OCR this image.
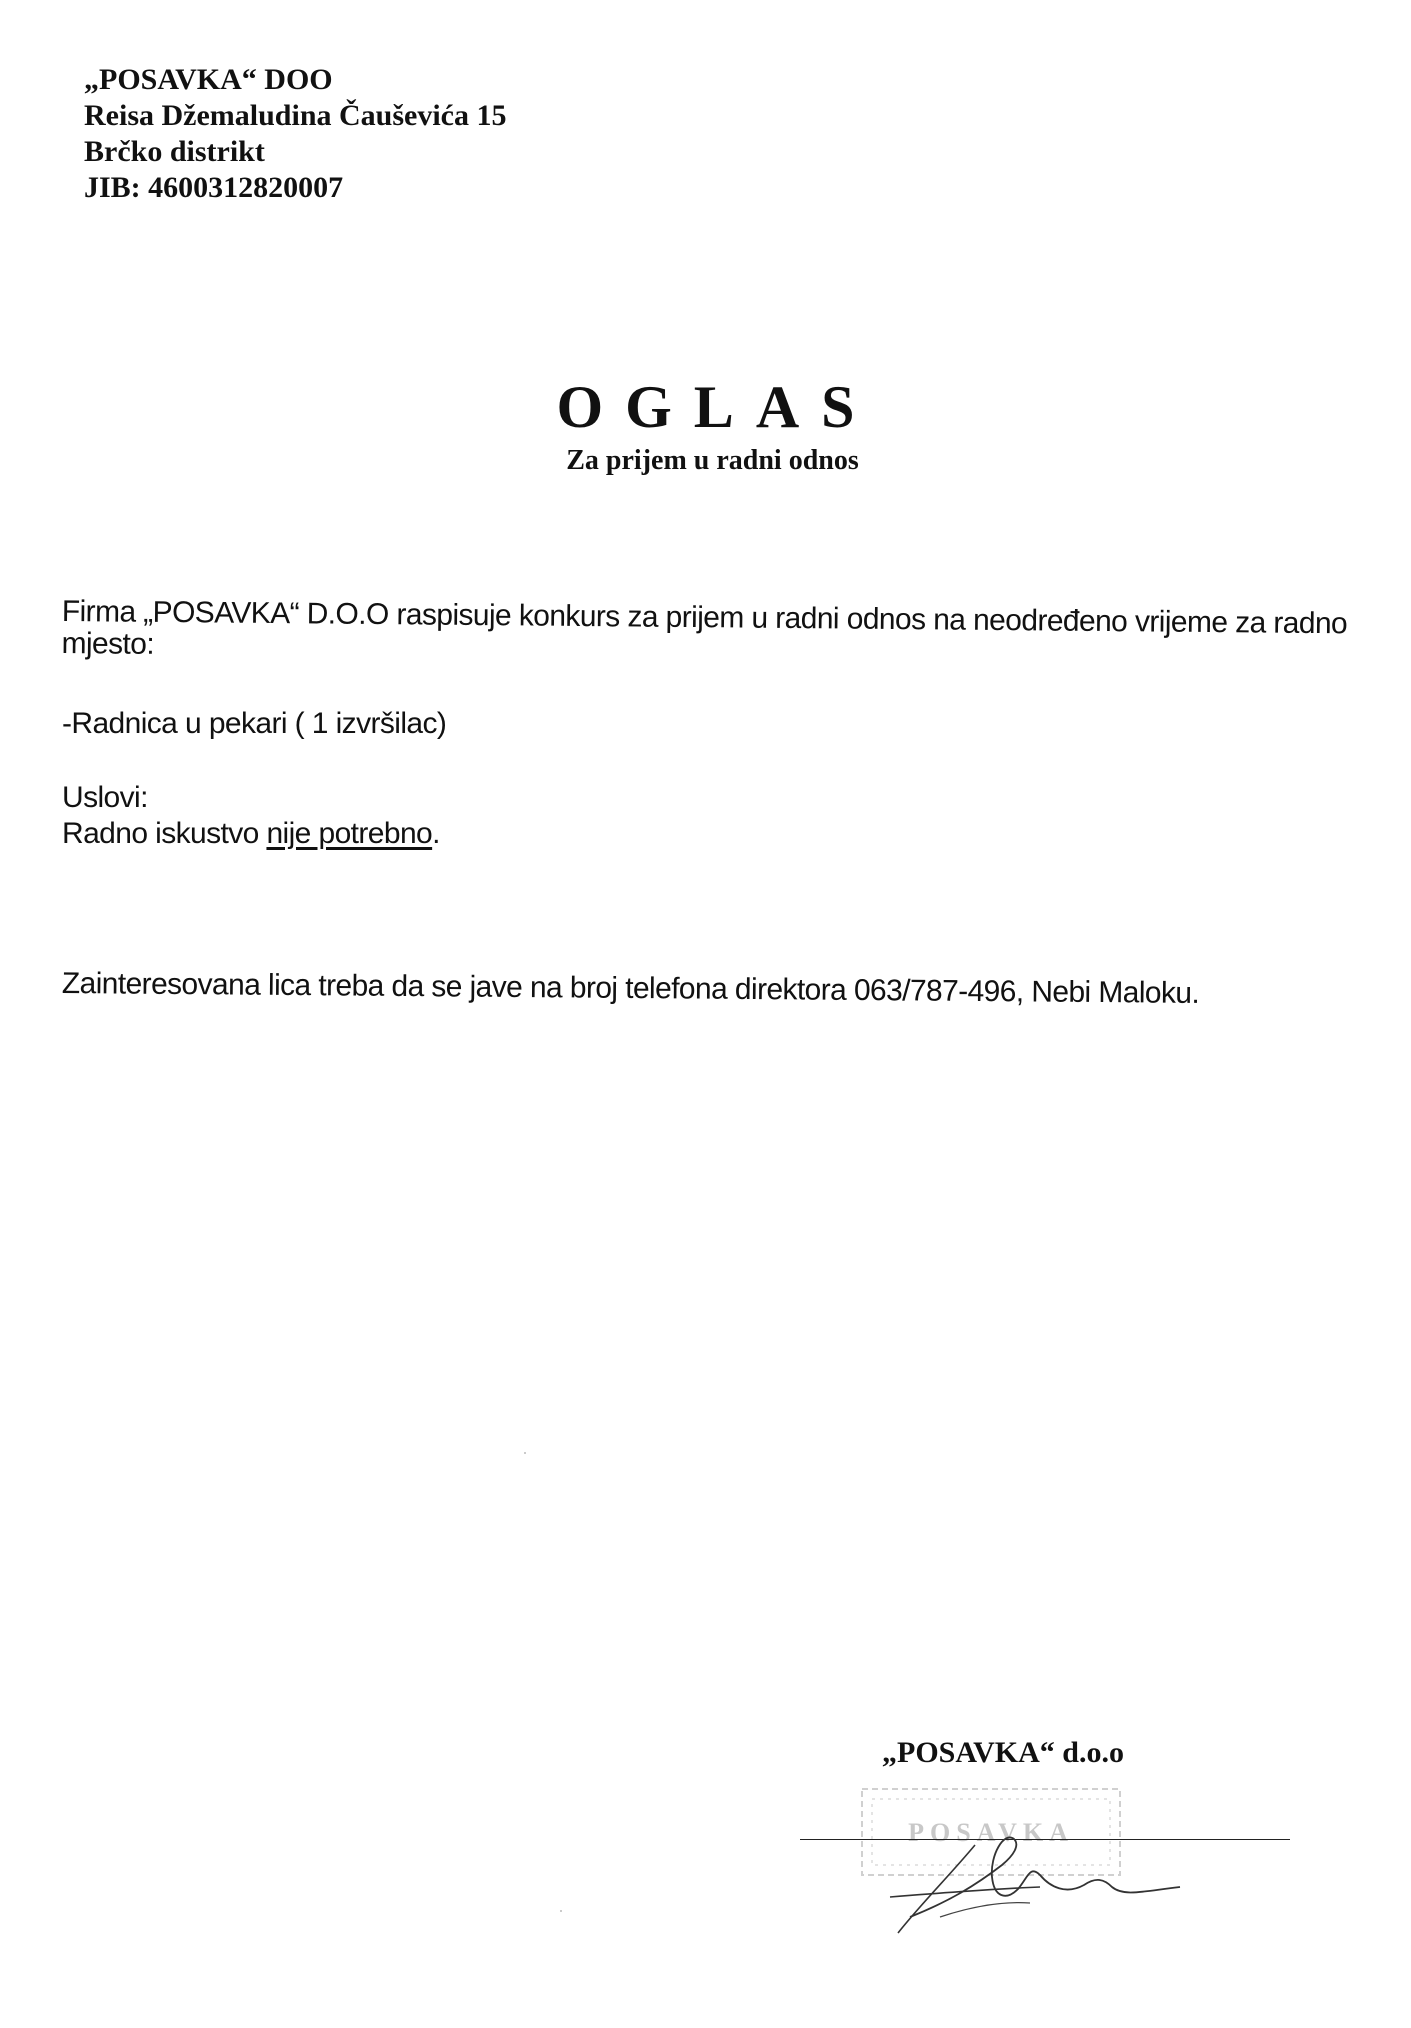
„POSAVKA“ DOO
Reisa Džemaludina Čauševića 15
Brčko distrikt
JIB: 4600312820007
OGLAS
Za prijem u radni odnos
Firma „POSAVKA“ D.O.O raspisuje konkurs za prijem u radni odnos na neodređeno vrijeme za radno mjesto:
-Radnica u pekari ( 1 izvršilac)
Uslovi:
Radno iskustvo nije potrebno.
Zainteresovana lica treba da se jave na broj telefona direktora 063/787-496, Nebi Maloku.
„POSAVKA“ d.o.o
POSAVKA
